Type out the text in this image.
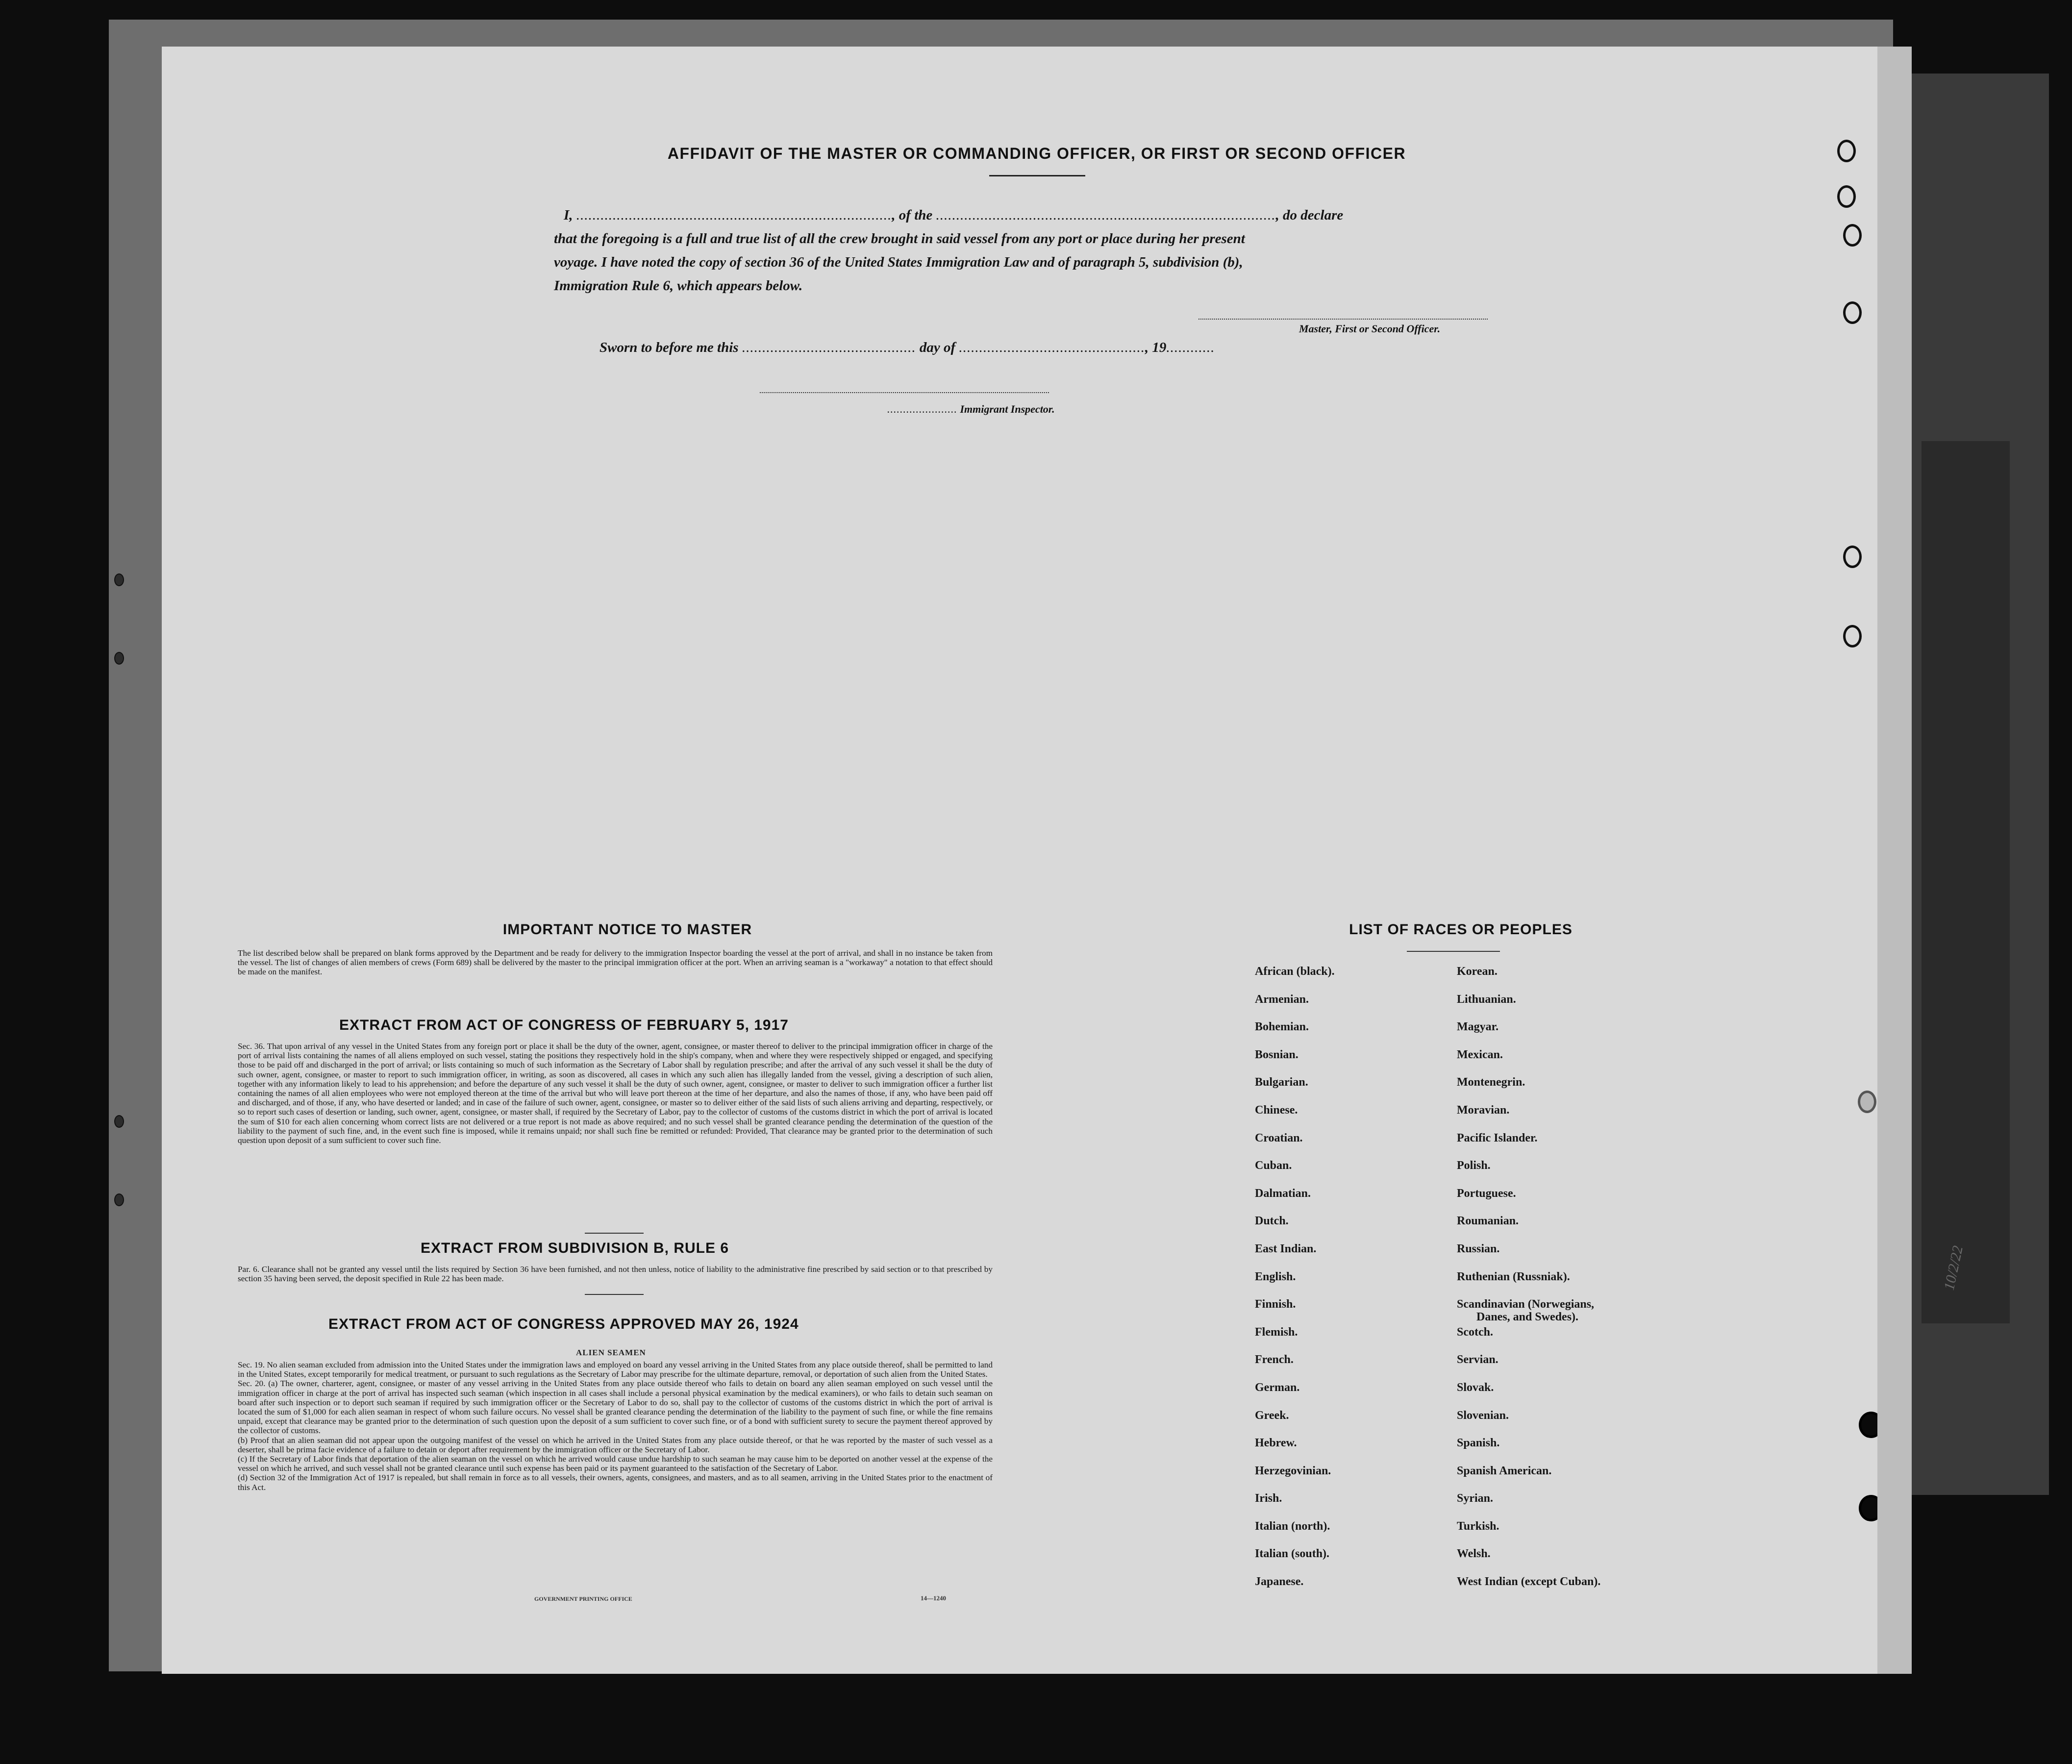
AFFIDAVIT OF THE MASTER OR COMMANDING OFFICER, OR FIRST OR SECOND OFFICER
I, .............................................................................., of the ...................................................................................., do declare
that the foregoing is a full and true list of all the crew brought in said vessel from any port or place during her present
voyage. I have noted the copy of section 36 of the United States Immigration Law and of paragraph 5, subdivision (b),
Immigration Rule 6, which appears below.
Master, First or Second Officer.
Sworn to before me this ........................................... day of .............................................., 19............
...................... Immigrant Inspector.
IMPORTANT NOTICE TO MASTER
The list described below shall be prepared on blank forms approved by the Department and be ready for delivery to the immigration Inspector boarding the vessel at the port of arrival, and shall in no instance be taken from the vessel. The list of changes of alien members of crews (Form 689) shall be delivered by the master to the principal immigration officer at the port. When an arriving seaman is a "workaway" a notation to that effect should be made on the manifest.
EXTRACT FROM ACT OF CONGRESS OF FEBRUARY 5, 1917
Sec. 36. That upon arrival of any vessel in the United States from any foreign port or place it shall be the duty of the owner, agent, consignee, or master thereof to deliver to the principal immigration officer in charge of the port of arrival lists containing the names of all aliens employed on such vessel, stating the positions they respectively hold in the ship's company, when and where they were respectively shipped or engaged, and specifying those to be paid off and discharged in the port of arrival; or lists containing so much of such information as the Secretary of Labor shall by regulation prescribe; and after the arrival of any such vessel it shall be the duty of such owner, agent, consignee, or master to report to such immigration officer, in writing, as soon as discovered, all cases in which any such alien has illegally landed from the vessel, giving a description of such alien, together with any information likely to lead to his apprehension; and before the departure of any such vessel it shall be the duty of such owner, agent, consignee, or master to deliver to such immigration officer a further list containing the names of all alien employees who were not employed thereon at the time of the arrival but who will leave port thereon at the time of her departure, and also the names of those, if any, who have been paid off and discharged, and of those, if any, who have deserted or landed; and in case of the failure of such owner, agent, consignee, or master so to deliver either of the said lists of such aliens arriving and departing, respectively, or so to report such cases of desertion or landing, such owner, agent, consignee, or master shall, if required by the Secretary of Labor, pay to the collector of customs of the customs district in which the port of arrival is located the sum of $10 for each alien concerning whom correct lists are not delivered or a true report is not made as above required; and no such vessel shall be granted clearance pending the determination of the question of the liability to the payment of such fine, and, in the event such fine is imposed, while it remains unpaid; nor shall such fine be remitted or refunded: Provided, That clearance may be granted prior to the determination of such question upon deposit of a sum sufficient to cover such fine.
EXTRACT FROM SUBDIVISION B, RULE 6
Par. 6. Clearance shall not be granted any vessel until the lists required by Section 36 have been furnished, and not then unless, notice of liability to the administrative fine prescribed by said section or to that prescribed by section 35 having been served, the deposit specified in Rule 22 has been made.
EXTRACT FROM ACT OF CONGRESS APPROVED MAY 26, 1924
ALIEN SEAMEN
Sec. 19. No alien seaman excluded from admission into the United States under the immigration laws and employed on board any vessel arriving in the United States from any place outside thereof, shall be permitted to land in the United States, except temporarily for medical treatment, or pursuant to such regulations as the Secretary of Labor may prescribe for the ultimate departure, removal, or deportation of such alien from the United States.
Sec. 20. (a) The owner, charterer, agent, consignee, or master of any vessel arriving in the United States from any place outside thereof who fails to detain on board any alien seaman employed on such vessel until the immigration officer in charge at the port of arrival has inspected such seaman (which inspection in all cases shall include a personal physical examination by the medical examiners), or who fails to detain such seaman on board after such inspection or to deport such seaman if required by such immigration officer or the Secretary of Labor to do so, shall pay to the collector of customs of the customs district in which the port of arrival is located the sum of $1,000 for each alien seaman in respect of whom such failure occurs. No vessel shall be granted clearance pending the determination of the liability to the payment of such fine, or while the fine remains unpaid, except that clearance may be granted prior to the determination of such question upon the deposit of a sum sufficient to cover such fine, or of a bond with sufficient surety to secure the payment thereof approved by the collector of customs.
(b) Proof that an alien seaman did not appear upon the outgoing manifest of the vessel on which he arrived in the United States from any place outside thereof, or that he was reported by the master of such vessel as a deserter, shall be prima facie evidence of a failure to detain or deport after requirement by the immigration officer or the Secretary of Labor.
(c) If the Secretary of Labor finds that deportation of the alien seaman on the vessel on which he arrived would cause undue hardship to such seaman he may cause him to be deported on another vessel at the expense of the vessel on which he arrived, and such vessel shall not be granted clearance until such expense has been paid or its payment guaranteed to the satisfaction of the Secretary of Labor.
(d) Section 32 of the Immigration Act of 1917 is repealed, but shall remain in force as to all vessels, their owners, agents, consignees, and masters, and as to all seamen, arriving in the United States prior to the enactment of this Act.
GOVERNMENT PRINTING OFFICE	14—1240
LIST OF RACES OR PEOPLES
African (black).
Armenian.
Bohemian.
Bosnian.
Bulgarian.
Chinese.
Croatian.
Cuban.
Dalmatian.
Dutch.
East Indian.
English.
Finnish.
Flemish.
French.
German.
Greek.
Hebrew.
Herzegovinian.
Irish.
Italian (north).
Italian (south).
Japanese.
Korean.
Lithuanian.
Magyar.
Mexican.
Montenegrin.
Moravian.
Pacific Islander.
Polish.
Portuguese.
Roumanian.
Russian.
Ruthenian (Russniak).
Scandinavian (Norwegians,
Danes, and Swedes).
Scotch.
Servian.
Slovak.
Slovenian.
Spanish.
Spanish American.
Syrian.
Turkish.
Welsh.
West Indian (except Cuban).
10/2/22
